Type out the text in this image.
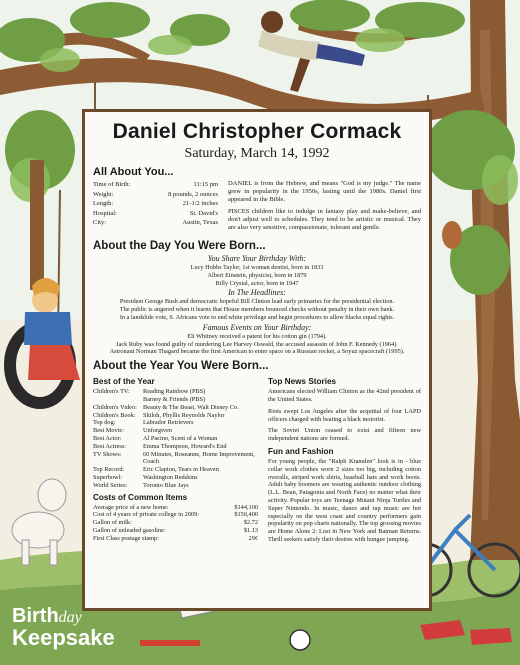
Daniel Christopher Cormack
Saturday, March 14, 1992
All About You...
Time of Birth:	11:15 pm
Weight:	8 pounds, 2 ounces
Length:	21-1/2 inches
Hospital:	St. David's
City:	Austin, Texas

DANIEL is from the Hebrew, and means "God is my judge." The name grew in popularity in the 1950s, lasting until the 1980s. Daniel first appeared in the Bible.

PISCES children like to indulge in fantasy play and make-believe, and don't adjust well to schedules. They tend to be artistic or musical. They are also very sensitive, compassionate, tolerant and gentle.

About the Day You Were Born...
You Share Your Birthday With:
Lucy Hobbs Taylor, 1st woman dentist, born in 1833
Albert Einstein, physicist, born in 1879
Billy Crystal, actor, born in 1947
In The Headlines:
President George Bush and democratic hopeful Bill Clinton lead early primaries for the presidential election.
The public is angered when it learns that House members bounced checks without penalty in their own bank.
In a landslide vote, S. Africans vote to end white privilege and begin procedures to allow blacks equal rights.
Famous Events on Your Birthday:
Eli Whitney received a patent for his cotton gin (1794).
Jack Ruby was found guilty of murdering Lee Harvey Oswald, the accused assassin of John F. Kennedy (1964).
Astronaut Norman Thagard became the first American to enter space on a Russian rocket, a Soyuz spacecraft (1995).
About the Year You Were Born...
Best of the Year
Children's TV:	Reading Rainbow (PBS)
Barney & Friends (PBS)
Children's Video: Beauty & The Beast, Walt Disney Co.
Children's Book:	Shiloh, Phyllis Reynolds Naylor
Top dog:	Labrador Retrievers
Best Movie:	Unforgiven
Best Actor:	Al Pacino, Scent of a Woman
Best Actress:	Emma Thompson, Howard's End
TV Shows:	60 Minutes, Roseanne, Home Improvement, Coach
Top Record:	Eric Clapton, Tears in Heaven
Superbowl:	Washington Redskins
World Series:	Toronto Blue Jays
Costs of Common Items
Average price of a new home:	$144,100
Cost of 4 years of private college in 2009:	$150,400
Gallon of milk:	$2.72
Gallon of unleaded gasoline:	$1.13
First Class postage stamp:	29¢
Top News Stories

Americans elected William Clinton as the 42nd president of the United States.

Riots swept Los Angeles after the acquittal of four LAPD officers charged with beating a black motorist.

The Soviet Union ceased to exist and fifteen new independent nations are formed.

Fun and Fashion

For young people, the "Ralph Kramden" look is in - blue collar work clothes worn 2 sizes too big, including cotton overalls, striped work shirts, baseball hats and work boots. Adult baby boomers are wearing authentic outdoor clothing (L.L. Bean, Patagonia and North Face) no matter what their activity. Popular toys are Teenage Mutant Ninja Turtles and Super Nintendo. In music, dance and rap music are hot especially on the west coast and country performers gain popularity on pop charts nationally. The top grossing movies are Home Alone 2: Lost in New York and Batman Returns. Thrill seekers satisfy their desires with bungee jumping.

Birthday
Keepsake
